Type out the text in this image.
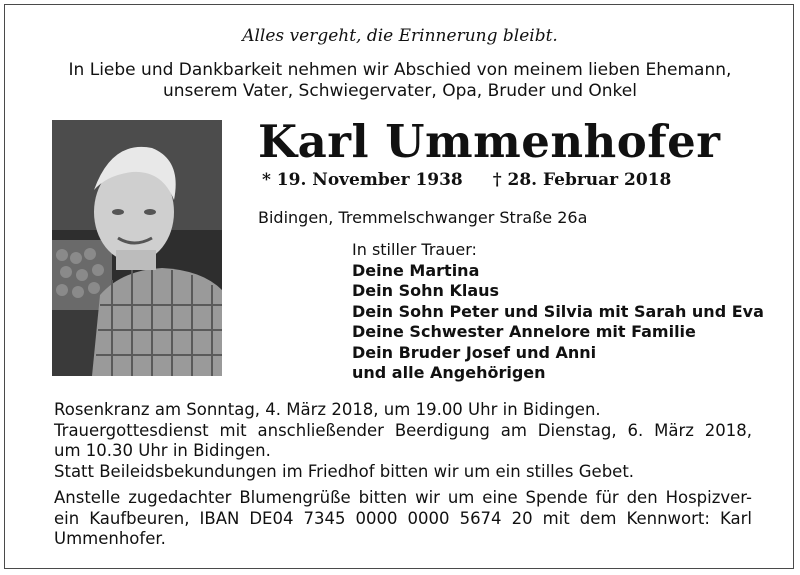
Alles vergeht, die Erinnerung bleibt.
In Liebe und Dankbarkeit nehmen wir Abschied von meinem lieben Ehemann,
unserem Vater, Schwiegervater, Opa, Bruder und Onkel
Karl Ummenhofer
* 19. November 1938 † 28. Februar 2018
Bidingen, Tremmelschwanger Straße 26a
In stiller Trauer:
Deine Martina
Dein Sohn Klaus
Dein Sohn Peter und Silvia mit Sarah und Eva
Deine Schwester Annelore mit Familie
Dein Bruder Josef und Anni
und alle Angehörigen
Rosenkranz am Sonntag, 4. März 2018, um 19.00 Uhr in Bidingen.
Trauergottesdienst mit anschließender Beerdigung am Dienstag, 6. März 2018,
um 10.30 Uhr in Bidingen.
Statt Beileidsbekundungen im Friedhof bitten wir um ein stilles Gebet.
Anstelle zugedachter Blumengrüße bitten wir um eine Spende für den Hospizver-
ein Kaufbeuren, IBAN DE04 7345 0000 0000 5674 20 mit dem Kennwort: Karl
Ummenhofer.
